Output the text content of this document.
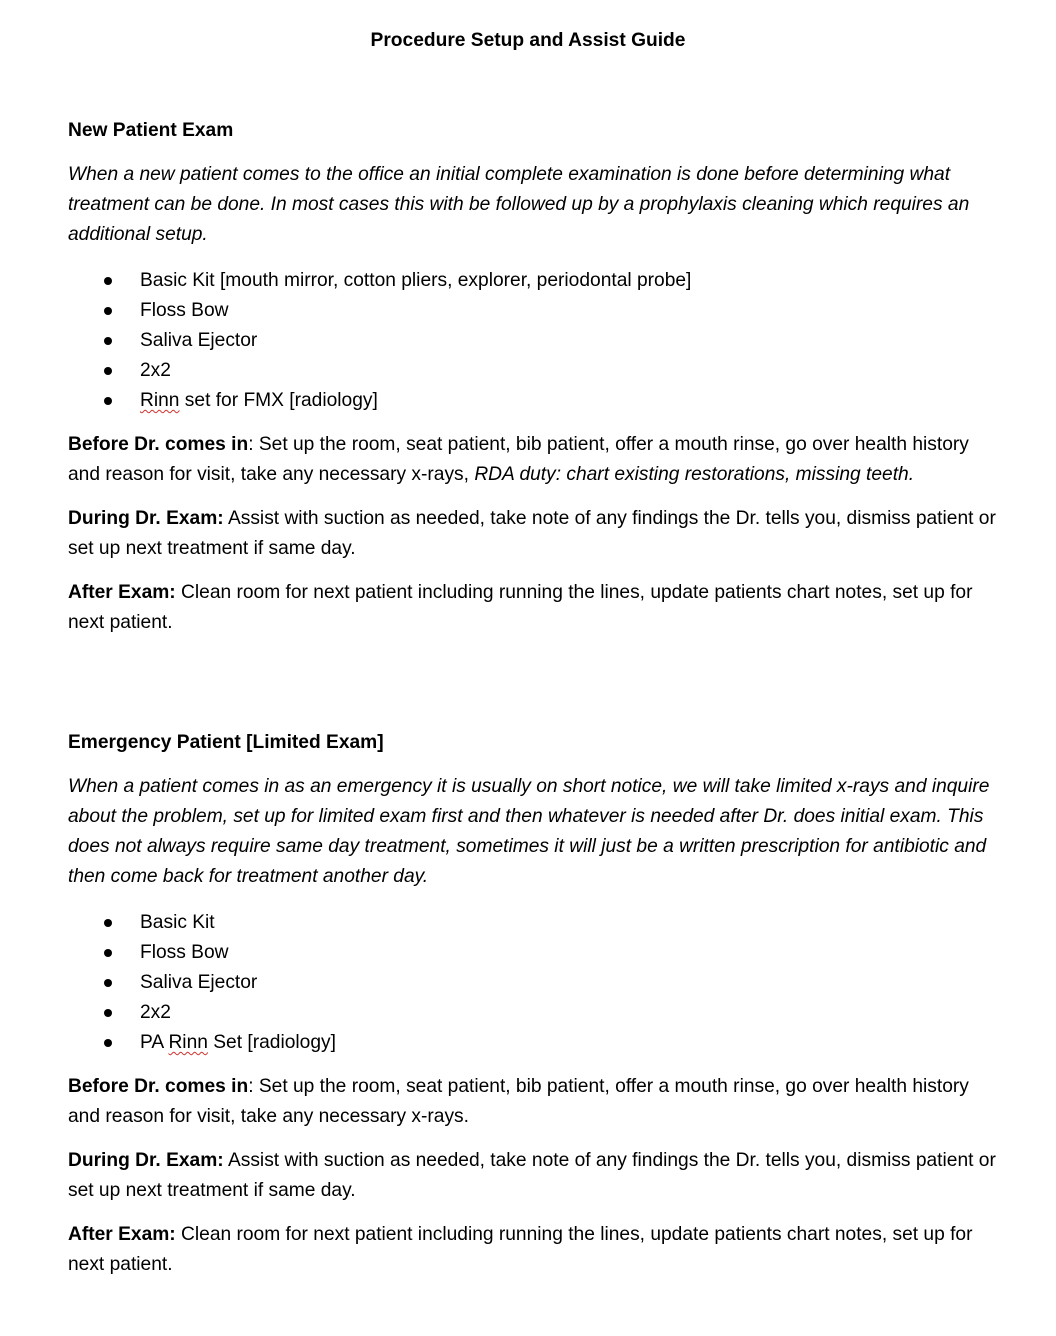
Procedure Setup and Assist Guide

New Patient Exam

When a new patient comes to the office an initial complete examination is done before determining what treatment can be done. In most cases this with be followed up by a prophylaxis cleaning which requires an additional setup.

Basic Kit [mouth mirror, cotton pliers, explorer, periodontal probe]
Floss Bow
Saliva Ejector
2x2
Rinn set for FMX [radiology]

Before Dr. comes in: Set up the room, seat patient, bib patient, offer a mouth rinse, go over health history and reason for visit, take any necessary x-rays, RDA duty: chart existing restorations, missing teeth.

During Dr. Exam: Assist with suction as needed, take note of any findings the Dr. tells you, dismiss patient or set up next treatment if same day.

After Exam: Clean room for next patient including running the lines, update patients chart notes, set up for next patient.

Emergency Patient [Limited Exam]

When a patient comes in as an emergency it is usually on short notice, we will take limited x-rays and inquire about the problem, set up for limited exam first and then whatever is needed after Dr. does initial exam. This does not always require same day treatment, sometimes it will just be a written prescription for antibiotic and then come back for treatment another day.

Basic Kit
Floss Bow
Saliva Ejector
2x2
PA Rinn Set [radiology]

Before Dr. comes in: Set up the room, seat patient, bib patient, offer a mouth rinse, go over health history and reason for visit, take any necessary x-rays.

During Dr. Exam: Assist with suction as needed, take note of any findings the Dr. tells you, dismiss patient or set up next treatment if same day.

After Exam: Clean room for next patient including running the lines, update patients chart notes, set up for next patient.
